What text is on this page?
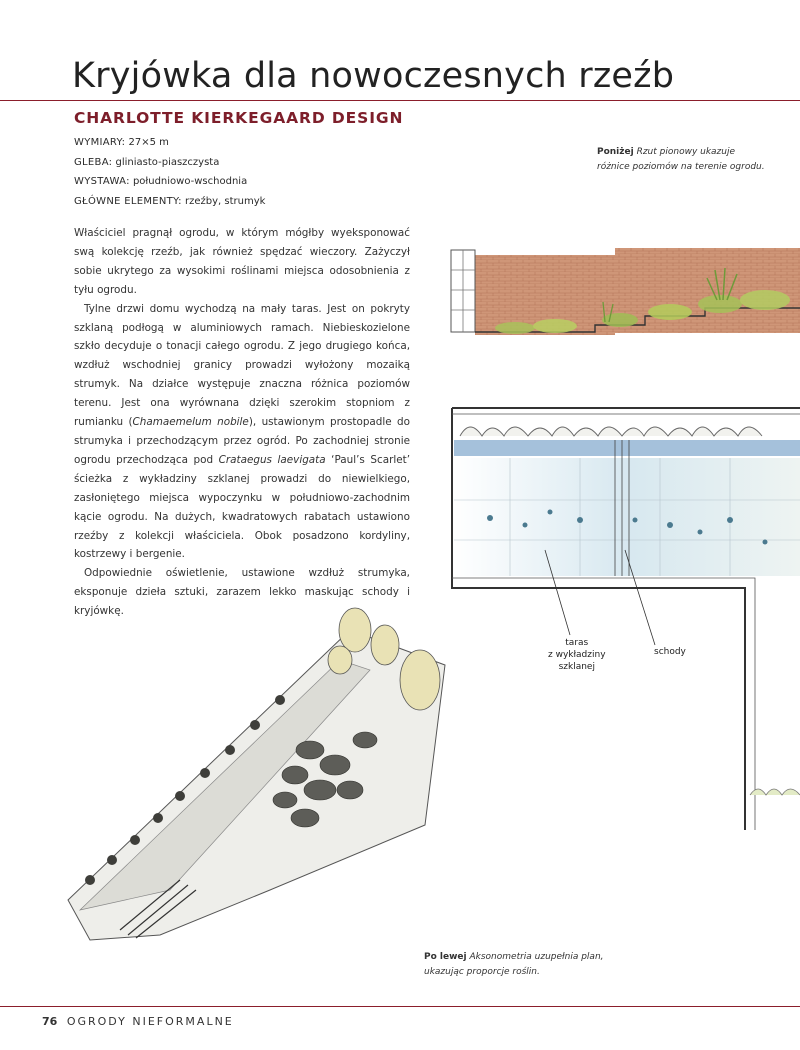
Kryjówka dla nowoczesnych rzeźb
CHARLOTTE KIERKEGAARD DESIGN
WYMIARY: 27×5 m
GLEBA: gliniasto-piaszczysta
WYSTAWA: południowo-wschodnia
GŁÓWNE ELEMENTY: rzeźby, strumyk

Właściciel pragnął ogrodu, w którym mógłby wyeksponować swą kolekcję rzeźb, jak również spędzać wieczory. Zażyczył sobie ukrytego za wysokimi roślinami miejsca odosobnienia z tyłu ogrodu.

Tylne drzwi domu wychodzą na mały taras. Jest on pokryty szklaną podłogą w aluminiowych ramach. Niebieskozielone szkło decyduje o tonacji całego ogrodu. Z jego drugiego końca, wzdłuż wschodniej granicy prowadzi wyłożony mozaiką strumyk. Na działce występuje znaczna różnica poziomów terenu. Jest ona wyrównana dzięki szerokim stopniom z rumianku (Chamaemelum nobile), ustawionym prostopadle do strumyka i przechodzącym przez ogród. Po zachodniej stronie ogrodu przechodząca pod Crataegus laevigata ‘Paul’s Scarlet’ ścieżka z wykładziny szklanej prowadzi do niewielkiego, zasłoniętego miejsca wypoczynku w południowo-zachodnim kącie ogrodu. Na dużych, kwadratowych rabatach ustawiono rzeźby z kolekcji właściciela. Obok posadzono kordyliny, kostrzewy i bergenie.

Odpowiednie oświetlenie, ustawione wzdłuż strumyka, eksponuje dzieła sztuki, zarazem lekko maskując schody i kryjówkę.

Poniżej Rzut pionowy ukazuje różnice poziomów na terenie ogrodu.
taras
z wykładziny
szklanej
schody
Po lewej Aksonometria uzupełnia plan, ukazując proporcje roślin.
76 OGRODY NIEFORMALNE
